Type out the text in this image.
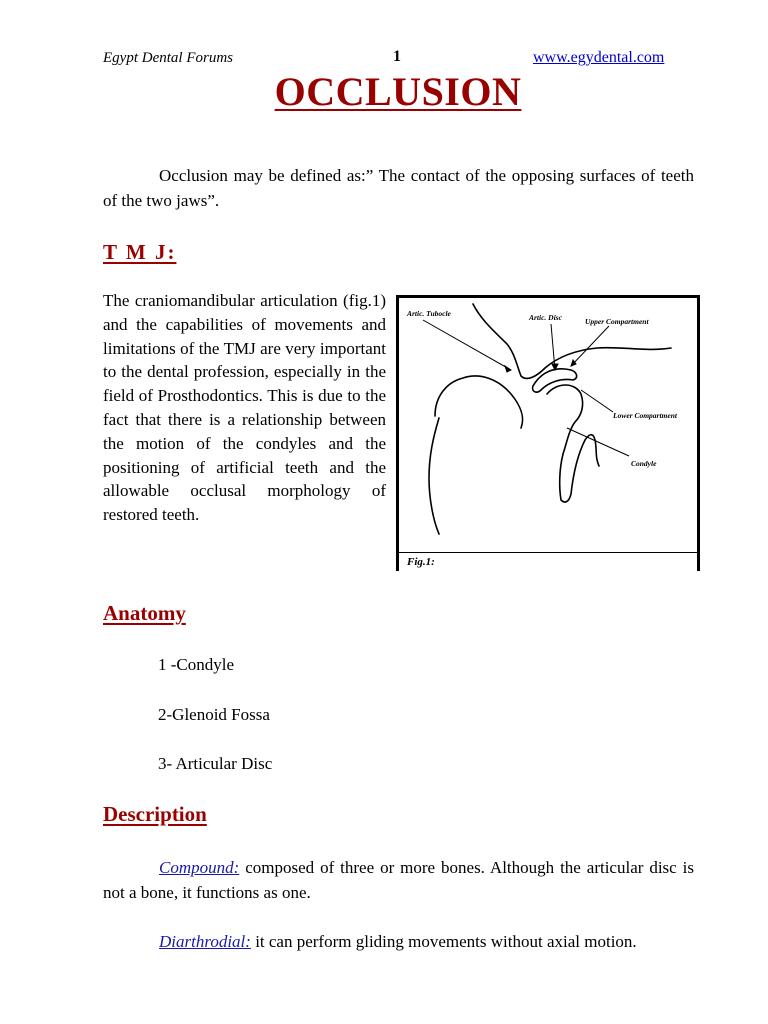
Egypt Dental Forums	1	www.egydental.com
OCCLUSION
Occlusion may be defined as:” The contact of the opposing surfaces of teeth of the two jaws”.
T M J:
The craniomandibular articulation (fig.1) and the capabilities of movements and limitations of the TMJ are very important to the dental profession, especially in the field of Prosthodontics. This is due to the fact that there is a relationship between the motion of the condyles and the positioning of artificial teeth and the allowable occlusal morphology of restored teeth.
Artic. Tubocle	Artic. Disc	Upper Compartment
Lower Compartment
Condyle
Fig.1:
Anatomy
1 -Condyle
2-Glenoid Fossa
3- Articular Disc
Description
Compound: composed of three or more bones. Although the articular disc is not a bone, it functions as one.
Diarthrodial: it can perform gliding movements without axial motion.
